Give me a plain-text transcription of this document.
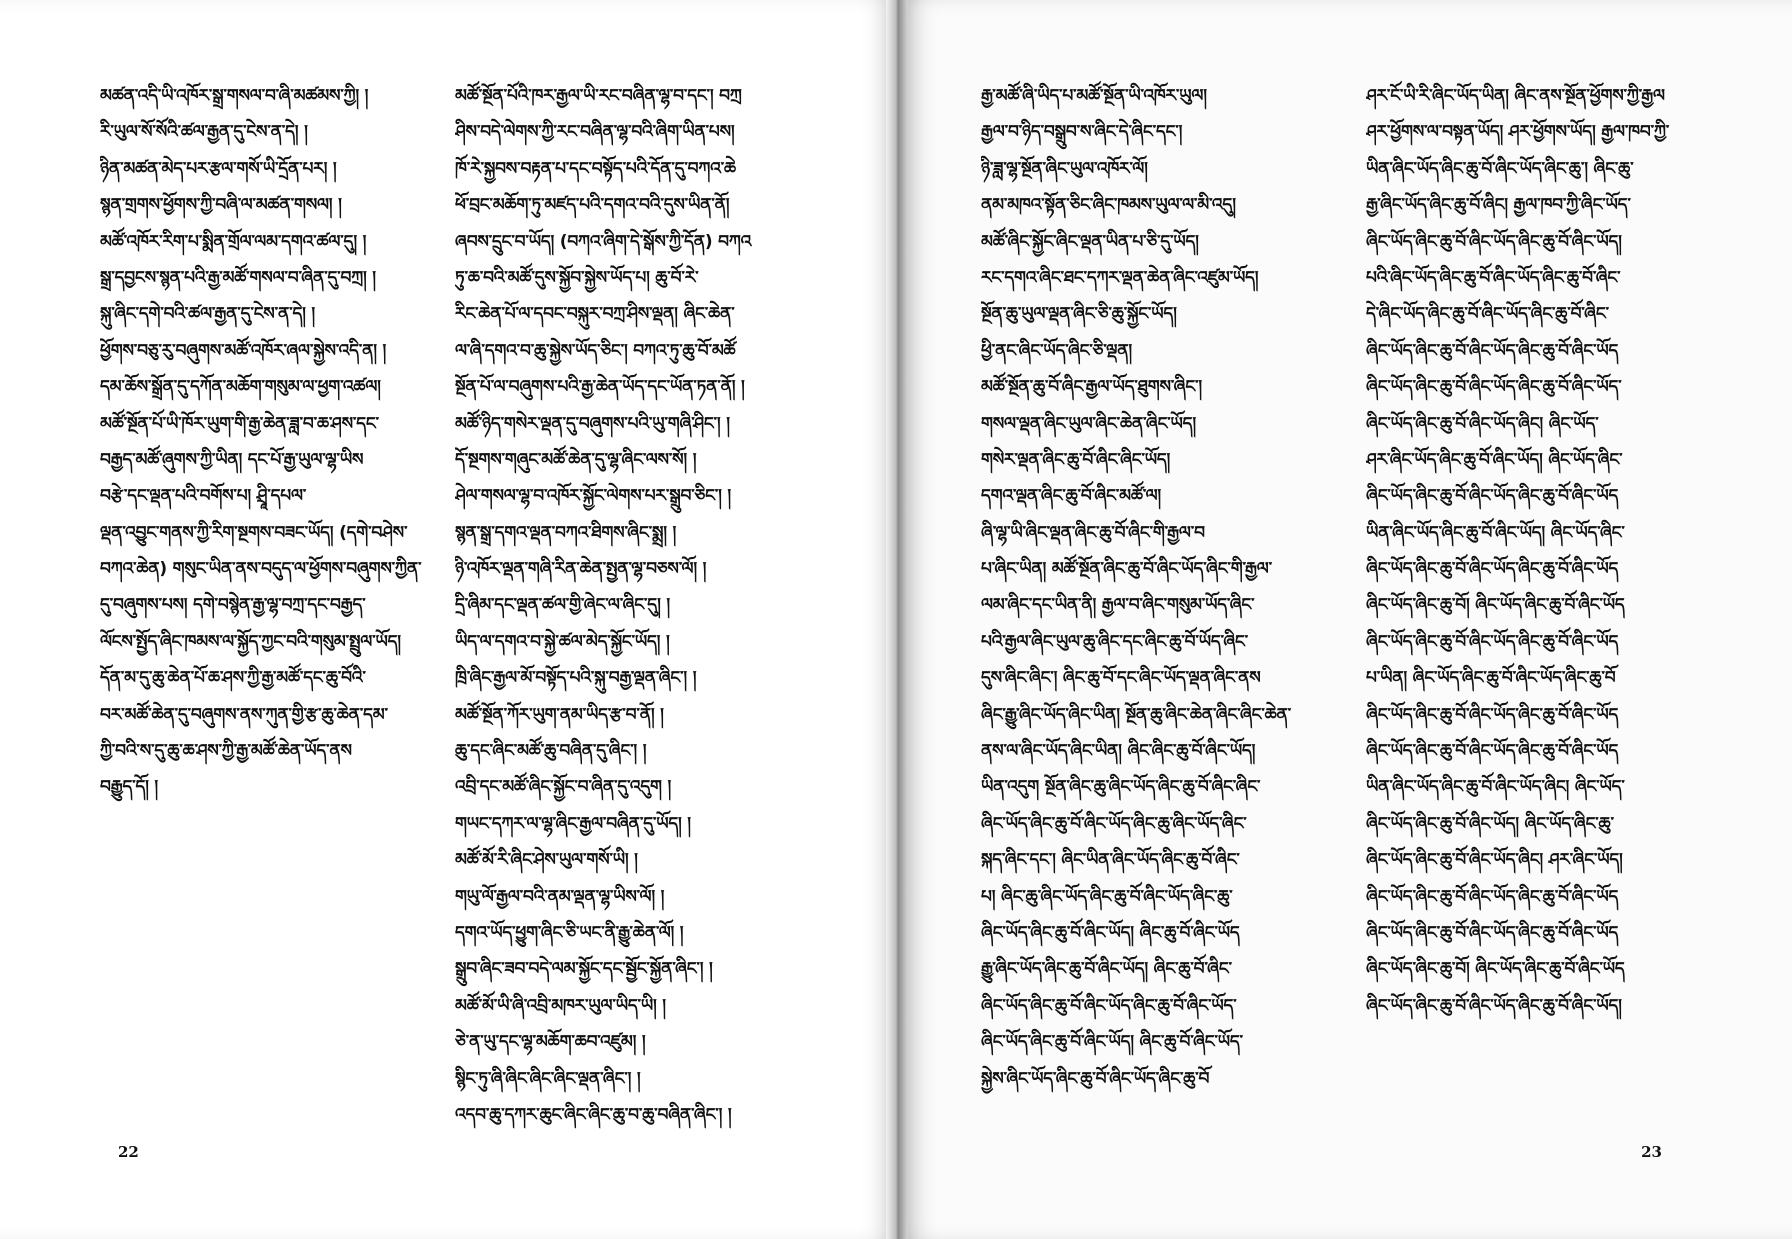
མཚན་འདི་ཡི་འཁོར་སྒྲ་གསལ་བ་ཞི་མཚམས་ཀྱི། །
རི་ཡུལ་སོ་སོའི་ཚལ་རྒྱན་དུ་ངེས་ན་དེ། །
ཉིན་མཚན་མེད་པར་རྩལ་གསོ་ཡི་དྲོན་པར། །
སྙན་གྲགས་ཕྱོགས་ཀྱི་བཞི་ལ་མཚན་གསལ། །
མཚོ་འཁོར་རིག་པ་སྨིན་གྲོལ་ལམ་དགའ་ཚལ་དུ། །
སྒྲ་དབྱངས་སྙན་པའི་རྒྱ་མཚོ་གསལ་བ་ཞིན་དུ་བཀྲ། །
སྐུ་ཞིང་དགེ་བའི་ཚལ་རྒྱན་དུ་ངེས་ན་དེ། །
ཕྱོགས་བཅུ་རུ་བཞུགས་མཚོ་འཁོར་ཞལ་སྐྱེས་འདི་ན། །
དམ་ཆོས་སྒྲོན་དུ་དཀོན་མཆོག་གསུམ་ལ་ཕྱག་འཚལ།
མཚོ་སྔོན་པོ་ཡི་ཁོར་ཡུག་གི་རྒྱ་ཆེན་ཟླ་བ་ཆ་ཤས་དང་
བརྒྱད་མཚོ་ཞུགས་ཀྱི་ཡིན། དང་པོ་རྒྱ་ཡུལ་ལྷ་ཡིས
བརྩེ་དང་ལྡན་པའི་བགོས་པ། ཤྲཱི་དཔལ་
ལྡན་འབྱུང་གནས་ཀྱི་རིག་སྔགས་བཟང་ཡོད། (དགེ་བཤེས་
བཀའ་ཆེན) གསུང་ཡིན་ནས་བདུད་ལ་ཕྱོགས་བཞུགས་ཀྱིན་
དུ་བཞུགས་པས། དགེ་བསྙེན་རྒྱ་ལྷ་བཀྲ་དང་བརྒྱད་
ལོངས་སྤྱོད་ཞིང་ཁམས་ལ་སྐྱོད་ཀྱང་བའི་གསུམ་སྤྲུལ་ཡོད།
དོན་མ་དུ་ཆུ་ཆེན་པོ་ཆ་ཤས་ཀྱི་རྒྱ་མཚོ་དང་ཆུ་བོའི་
བར་མཚོ་ཆེན་དུ་བཞུགས་ནས་ཀུན་གྱི་རྩ་ཆུ་ཆེན་དམ་
ཀྱི་བའི་ས་དུ་ཆུ་ཆ་ཤས་ཀྱི་རྒྱ་མཚོ་ཆེན་ཡོད་ནས
བརྒྱུད་དོ། །
མཚོ་སྔོན་པོའི་ཁར་རྒྱལ་ཡི་རང་བཞིན་ལྷ་བ་དང་། བཀྲ
ཤིས་བདེ་ལེགས་ཀྱི་རང་བཞིན་ལྷ་བའི་ཞིག་ཡིན་པས།
ཁོ་རེ་སྐྱབས་བརྟན་པ་དང་བསྟོད་པའི་དོན་དུ་བཀའ་ཆེ
ཕོ་བྲང་མཆོག་ཏུ་མཛད་པའི་དགའ་བའི་དུས་ཡིན་ནོ།
ཞབས་དྲུང་བ་ཡོད། (བཀའ་ཞིག་དེ་སྒོས་ཀྱི་དོན) བཀའ
ཏུ་ཆ་བའི་མཚོ་དུས་སྐྱོབ་སྐྱེས་ཡོད་པ། ཆུ་བོ་རེ་
རིང་ཆེན་པོ་ལ་དབང་བསྐུར་བཀྲ་ཤིས་ལྡན། ཞིང་ཆེན་
ལ་ཞི་དགའ་བ་ཆུ་སྐྱེས་ཡོད་ཅིང་། བཀའ་ཏུ་ཆུ་བོ་མཚོ
སྔོན་པོ་ལ་བཞུགས་པའི་རྒྱ་ཆེན་ཡོད་དང་ཡོན་ཏན་ནོ། །
མཚོ་ཉིད་གསེར་ལྡན་དུ་བཞུགས་པའི་ཡུ་གཞི་ཤིང་། །
དོ་སྔགས་གཞུང་མཚོ་ཆེན་དུ་ལྷ་ཞིང་ལས་སོ། །
ཤེལ་གསལ་ལྷ་བ་འཁོར་སྐྱོང་ལེགས་པར་སྒྲུབ་ཅིང་། །
སྙན་སྒྲ་དགའ་ལྡན་བཀའ་ཐིགས་ཞིང་སྨྲ། །
ཉི་འཁོར་ལྡན་གཞི་རིན་ཆེན་སྤྱན་ལྷ་བཅས་ལོ། །
དྲི་ཞིམ་དང་ལྡན་ཚལ་གྱི་ཞེང་ལ་ཞིང་དུ། །
ཡིད་ལ་དགའ་བ་སྐྱེ་ཚལ་མེད་སྐྱོང་ཡོད། །
ཁྲི་ཞིང་རྒྱལ་མོ་བསྟོད་པའི་སྐུ་བརྒྱ་ལྡན་ཞིང་། །
མཚོ་སྔོན་ཀོར་ཡུག་ནམ་ཡིད་རྩ་བ་ནོ། །
ཆུ་དང་ཞིང་མཚོ་ཆུ་བཞིན་དུ་ཞིང་། །
འབྲི་དང་མཚོ་ཞིང་སྐྱོང་བ་ཞིན་དུ་འདུག །
གཡང་དཀར་ལ་ལྷ་ཞིང་རྒྱལ་བཞིན་དུ་ཡོད། །
མཚོ་མོ་རི་ཞིང་ཤེས་ཡུལ་གསོ་ཡི། །
གཡུ་ལོ་རྒྱལ་བའི་ནམ་ལྡན་ལྷ་ཡིས་ལོ། །
དགའ་ཡོད་ཕྱུག་ཞིང་ཅི་ཡང་ནི་རྒྱུ་ཆེན་ལོ། །
སྒྲུབ་ཞིང་ཟབ་བདེ་ལམ་སྐྱོང་དང་སྦྱོང་སྐྱོན་ཞིང་། །
མཚོ་མོ་ཡི་ཞི་འབྲི་མཁར་ཡུལ་ཡིད་ཡི། །
ཅེ་ན་ཡུ་དང་ལྷ་མཆོག་ཆབ་འཛུམ། །
སྙིང་ཏུ་ཞི་ཞིང་ཞིང་ཞིང་ལྡན་ཞིང་། །
འདབ་ཆུ་དཀར་ཆུང་ཞིང་ཞིང་ཆུ་བ་ཆུ་བཞིན་ཞིང་། །
22
རྒྱ་མཚོ་ཞི་ཡིད་པ་མཚོ་སྔོན་ཡི་འཁོར་ཡུལ།
རྒྱལ་བ་ཉིད་བསྒྲུབ་ས་ཞིང་དེ་ཞིང་དང་།
ཉི་ཟླ་ལྷ་སྔོན་ཞིང་ཡུལ་འཁོར་ལོ།
ནམ་མཁའ་སྟོན་ཅིང་ཞིང་ཁམས་ཡུལ་ལ་མི་འདུ།
མཚོ་ཞིང་སྐྱོང་ཞིང་ལྡན་ཡིན་པ་ཅི་དུ་ཡོད།
རང་དགའ་ཞིང་ཐང་དཀར་ལྡན་ཆེན་ཞིང་འཛུམ་ཡོད།
སྔོན་ཆུ་ཡུལ་ལྡན་ཞིང་ཅི་ཆུ་སྐྱོང་ཡོད།
ཕྱི་ནང་ཞིང་ཡོད་ཞིང་ཅི་ལྡན།
མཚོ་སྔོན་ཆུ་བོ་ཞིང་རྒྱལ་ཡོད་ཐུགས་ཞིང་།
གསལ་ལྡན་ཞིང་ཡུལ་ཞིང་ཆེན་ཞིང་ཡོད།
གསེར་ལྡན་ཞིང་ཆུ་བོ་ཞིང་ཞིང་ཡོད།
དགའ་ལྡན་ཞིང་ཆུ་བོ་ཞིང་མཚོ་ལ།
ཞི་ལྷ་ཡི་ཞིང་ལྡན་ཞིང་ཆུ་བོ་ཞིང་གི་རྒྱལ་བ
པ་ཞིང་ཡིན། མཚོ་སྔོན་ཞིང་ཆུ་བོ་ཞིང་ཡོད་ཞིང་གི་རྒྱལ་
ལམ་ཞིང་དང་ཡིན་ནི། རྒྱལ་བ་ཞིང་གསུམ་ཡོད་ཞིང་
པའི་རྒྱལ་ཞིང་ཡུལ་ཆུ་ཞིང་དང་ཞིང་ཆུ་བོ་ཡོད་ཞིང་
དུས་ཞིང་ཞིང་། ཞིང་ཆུ་བོ་དང་ཞིང་ཡོད་ལྡན་ཞིང་ནས
ཞིང་རྒྱུ་ཞིང་ཡོད་ཞིང་ཡིན། སྔོན་ཆུ་ཞིང་ཆེན་ཞིང་ཞིང་ཆེན་
ནས་ལ་ཞིང་ཡོད་ཞིང་ཡིན། ཞིང་ཞིང་ཆུ་བོ་ཞིང་ཡོད།
ཡིན་འདུག སྔོན་ཞིང་ཆུ་ཞིང་ཡོད་ཞིང་ཆུ་བོ་ཞིང་ཞིང་
ཞིང་ཡོད་ཞིང་ཆུ་བོ་ཞིང་ཡོད་ཞིང་ཆུ་ཞིང་ཡོད་ཞིང་
སྐད་ཞིང་དང་། ཞིང་ཡིན་ཞིང་ཡོད་ཞིང་ཆུ་བོ་ཞིང་
པ། ཞིང་ཆུ་ཞིང་ཡོད་ཞིང་ཆུ་བོ་ཞིང་ཡོད་ཞིང་ཆུ་
ཞིང་ཡོད་ཞིང་ཆུ་བོ་ཞིང་ཡོད། ཞིང་ཆུ་བོ་ཞིང་ཡོད
རྒྱུ་ཞིང་ཡོད་ཞིང་ཆུ་བོ་ཞིང་ཡོད། ཞིང་ཆུ་བོ་ཞིང་
ཞིང་ཡོད་ཞིང་ཆུ་བོ་ཞིང་ཡོད་ཞིང་ཆུ་བོ་ཞིང་ཡོད་
ཞིང་ཡོད་ཞིང་ཆུ་བོ་ཞིང་ཡོད། ཞིང་ཆུ་བོ་ཞིང་ཡོད་
སྐྱེས་ཞིང་ཡོད་ཞིང་ཆུ་བོ་ཞིང་ཡོད་ཞིང་ཆུ་བོ
ཤར་ངོ་ཡི་རི་ཞིང་ཡོད་ཡིན། ཞིང་ནས་སྔོན་ཕྱོགས་ཀྱི་རྒྱལ
ཤར་ཕྱོགས་ལ་བསྟན་ཡོད། ཤར་ཕྱོགས་ཡོད། རྒྱལ་ཁབ་ཀྱི་
ཡིན་ཞིང་ཡོད་ཞིང་ཆུ་བོ་ཞིང་ཡོད་ཞིང་ཆུ་། ཞིང་ཆུ་
རྒྱ་ཞིང་ཡོད་ཞིང་ཆུ་བོ་ཞིང། རྒྱལ་ཁབ་ཀྱི་ཞིང་ཡོད་
ཞིང་ཡོད་ཞིང་ཆུ་བོ་ཞིང་ཡོད་ཞིང་ཆུ་བོ་ཞིང་ཡོད།
པའི་ཞིང་ཡོད་ཞིང་ཆུ་བོ་ཞིང་ཡོད་ཞིང་ཆུ་བོ་ཞིང་
དེ་ཞིང་ཡོད་ཞིང་ཆུ་བོ་ཞིང་ཡོད་ཞིང་ཆུ་བོ་ཞིང་
ཞིང་ཡོད་ཞིང་ཆུ་བོ་ཞིང་ཡོད་ཞིང་ཆུ་བོ་ཞིང་ཡོད
ཞིང་ཡོད་ཞིང་ཆུ་བོ་ཞིང་ཡོད་ཞིང་ཆུ་བོ་ཞིང་ཡོད་
ཞིང་ཡོད་ཞིང་ཆུ་བོ་ཞིང་ཡོད་ཞིང། ཞིང་ཡོད་
ཤར་ཞིང་ཡོད་ཞིང་ཆུ་བོ་ཞིང་ཡོད། ཞིང་ཡོད་ཞིང་
ཞིང་ཡོད་ཞིང་ཆུ་བོ་ཞིང་ཡོད་ཞིང་ཆུ་བོ་ཞིང་ཡོད
ཡིན་ཞིང་ཡོད་ཞིང་ཆུ་བོ་ཞིང་ཡོད། ཞིང་ཡོད་ཞིང་
ཞིང་ཡོད་ཞིང་ཆུ་བོ་ཞིང་ཡོད་ཞིང་ཆུ་བོ་ཞིང་ཡོད
ཞིང་ཡོད་ཞིང་ཆུ་བོ། ཞིང་ཡོད་ཞིང་ཆུ་བོ་ཞིང་ཡོད
ཞིང་ཡོད་ཞིང་ཆུ་བོ་ཞིང་ཡོད་ཞིང་ཆུ་བོ་ཞིང་ཡོད
པ་ཡིན། ཞིང་ཡོད་ཞིང་ཆུ་བོ་ཞིང་ཡོད་ཞིང་ཆུ་བོ
ཞིང་ཡོད་ཞིང་ཆུ་བོ་ཞིང་ཡོད་ཞིང་ཆུ་བོ་ཞིང་ཡོད
ཞིང་ཡོད་ཞིང་ཆུ་བོ་ཞིང་ཡོད་ཞིང་ཆུ་བོ་ཞིང་ཡོད
ཡིན་ཞིང་ཡོད་ཞིང་ཆུ་བོ་ཞིང་ཡོད་ཞིང། ཞིང་ཡོད་
ཞིང་ཡོད་ཞིང་ཆུ་བོ་ཞིང་ཡོད། ཞིང་ཡོད་ཞིང་ཆུ་
ཞིང་ཡོད་ཞིང་ཆུ་བོ་ཞིང་ཡོད་ཞིང། ཤར་ཞིང་ཡོད།
ཞིང་ཡོད་ཞིང་ཆུ་བོ་ཞིང་ཡོད་ཞིང་ཆུ་བོ་ཞིང་ཡོད
ཞིང་ཡོད་ཞིང་ཆུ་བོ་ཞིང་ཡོད་ཞིང་ཆུ་བོ་ཞིང་ཡོད
ཞིང་ཡོད་ཞིང་ཆུ་བོ། ཞིང་ཡོད་ཞིང་ཆུ་བོ་ཞིང་ཡོད
ཞིང་ཡོད་ཞིང་ཆུ་བོ་ཞིང་ཡོད་ཞིང་ཆུ་བོ་ཞིང་ཡོད།
23
